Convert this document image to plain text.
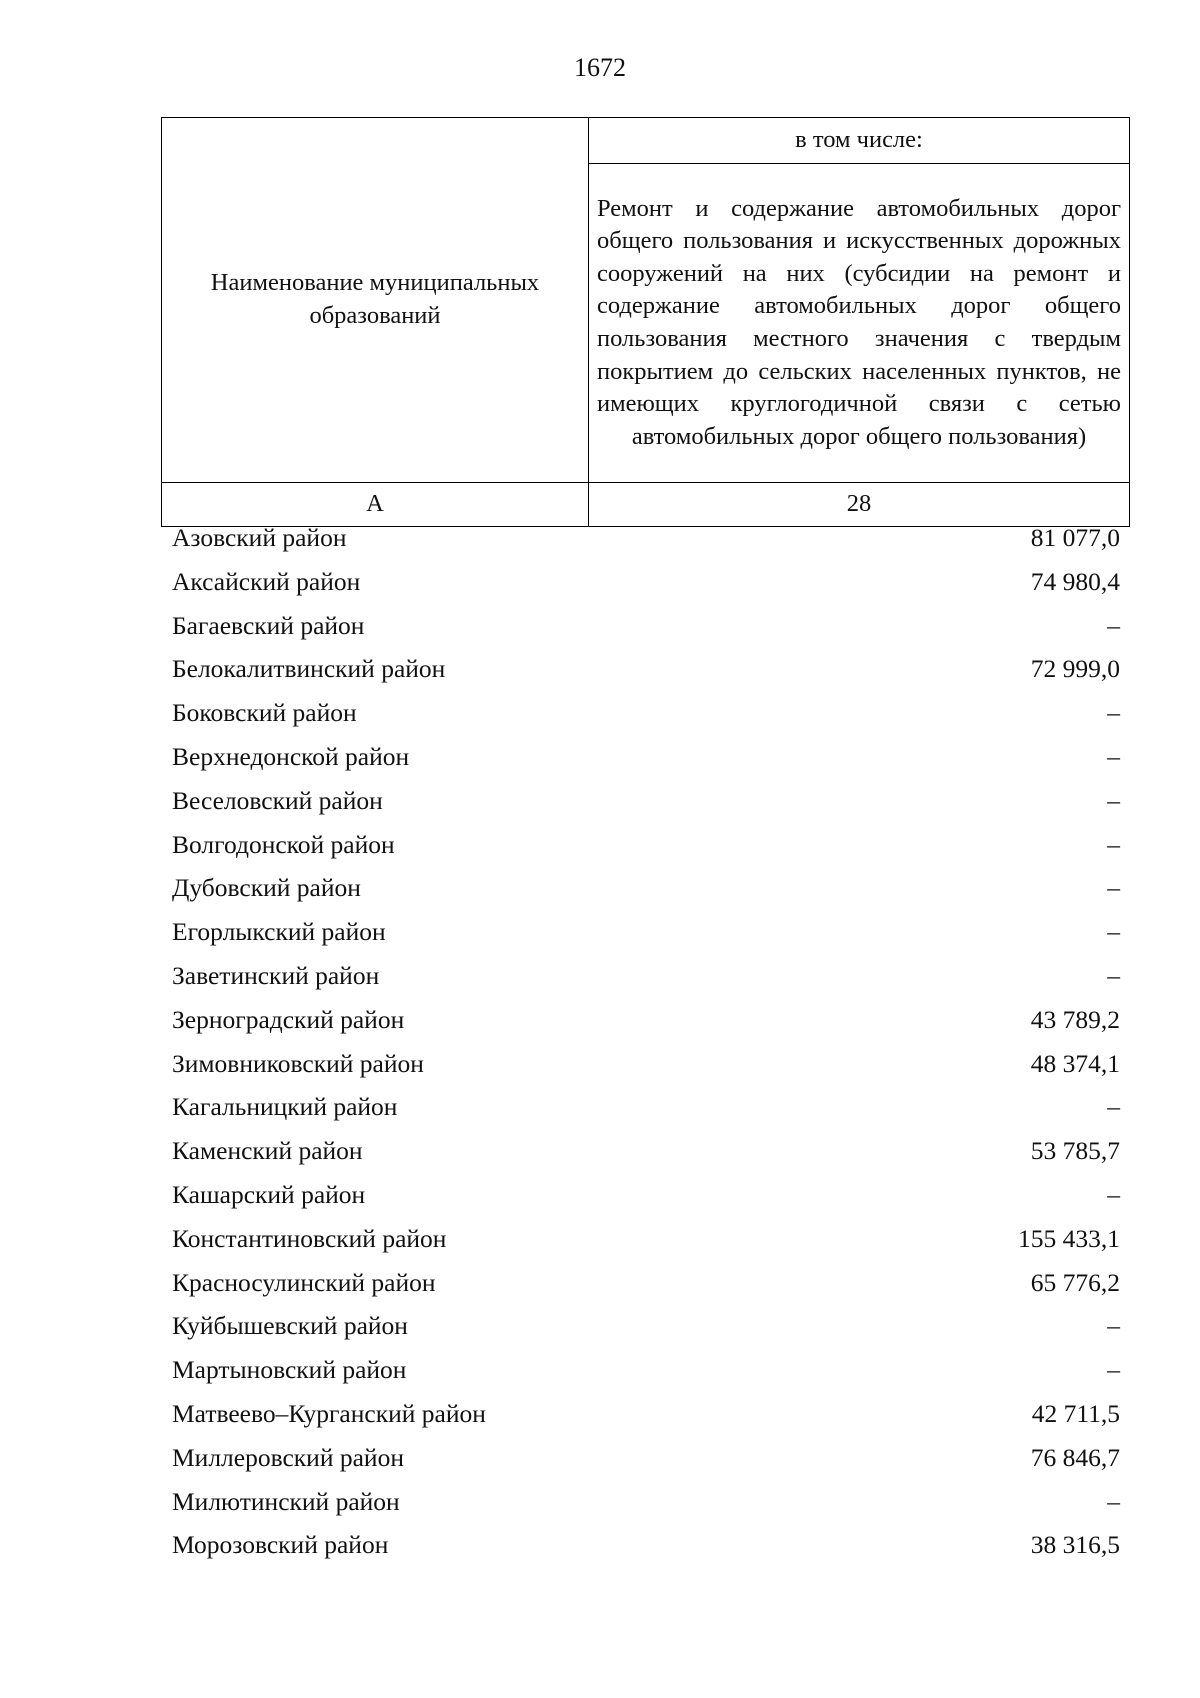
1672
Наименование муниципальных образований	в том числе:
	Ремонт и содержание автомобильных дорог общего пользования и искусственных дорожных сооружений на них (субсидии на ремонт и содержание автомобильных дорог общего пользования местного значения с твердым покрытием до сельских населенных пунктов, не имеющих круглогодичной связи с сетью автомобильных дорог общего пользования)
А	28
Азовский район	81 077,0
Аксайский район	74 980,4
Багаевский район	–
Белокалитвинский район	72 999,0
Боковский район	–
Верхнедонской район	–
Веселовский район	–
Волгодонской район	–
Дубовский район	–
Егорлыкский район	–
Заветинский район	–
Зерноградский район	43 789,2
Зимовниковский район	48 374,1
Кагальницкий район	–
Каменский район	53 785,7
Кашарский район	–
Константиновский район	155 433,1
Красносулинский район	65 776,2
Куйбышевский район	–
Мартыновский район	–
Матвеево–Курганский район	42 711,5
Миллеровский район	76 846,7
Милютинский район	–
Морозовский район	38 316,5
